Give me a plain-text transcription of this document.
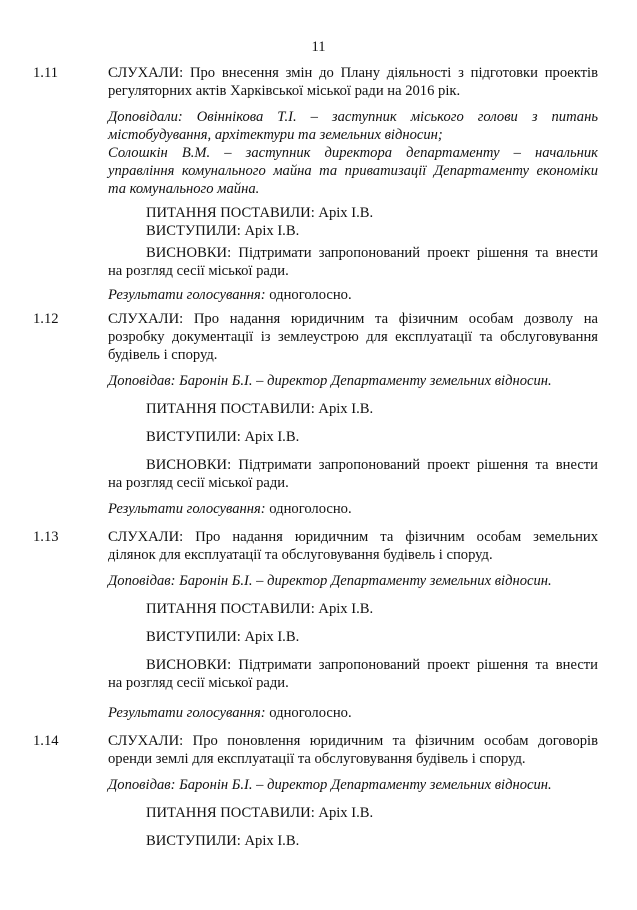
11
1.11	СЛУХАЛИ: Про внесення змін до Плану діяльності з підготовки проектів
регуляторних актів Харківської міської ради на 2016 рік.
Доповідали: Овіннікова Т.І. – заступник міського голови з питань
містобудування, архітектури та земельних відносин;
Солошкін В.М. – заступник директора департаменту – начальник
управління комунального майна та приватизації Департаменту економіки
та комунального майна.
ПИТАННЯ ПОСТАВИЛИ: Аріх І.В.
ВИСТУПИЛИ: Аріх І.В.
ВИСНОВКИ: Підтримати запропонований проект рішення та внести
на розгляд сесії міської ради.
Результати голосування: одноголосно.
1.12	СЛУХАЛИ: Про надання юридичним та фізичним особам дозволу на
розробку документації із землеустрою для експлуатації та обслуговування
будівель і споруд.
Доповідав: Баронін Б.І. – директор Департаменту земельних відносин.
ПИТАННЯ ПОСТАВИЛИ: Аріх І.В.
ВИСТУПИЛИ: Аріх І.В.
ВИСНОВКИ: Підтримати запропонований проект рішення та внести
на розгляд сесії міської ради.
Результати голосування: одноголосно.
1.13	СЛУХАЛИ: Про надання юридичним та фізичним особам земельних
ділянок для експлуатації та обслуговування будівель і споруд.
Доповідав: Баронін Б.І. – директор Департаменту земельних відносин.
ПИТАННЯ ПОСТАВИЛИ: Аріх І.В.
ВИСТУПИЛИ: Аріх І.В.
ВИСНОВКИ: Підтримати запропонований проект рішення та внести
на розгляд сесії міської ради.
Результати голосування: одноголосно.
1.14	СЛУХАЛИ: Про поновлення юридичним та фізичним особам договорів
оренди землі для експлуатації та обслуговування будівель і споруд.
Доповідав: Баронін Б.І. – директор Департаменту земельних відносин.
ПИТАННЯ ПОСТАВИЛИ: Аріх І.В.
ВИСТУПИЛИ: Аріх І.В.
